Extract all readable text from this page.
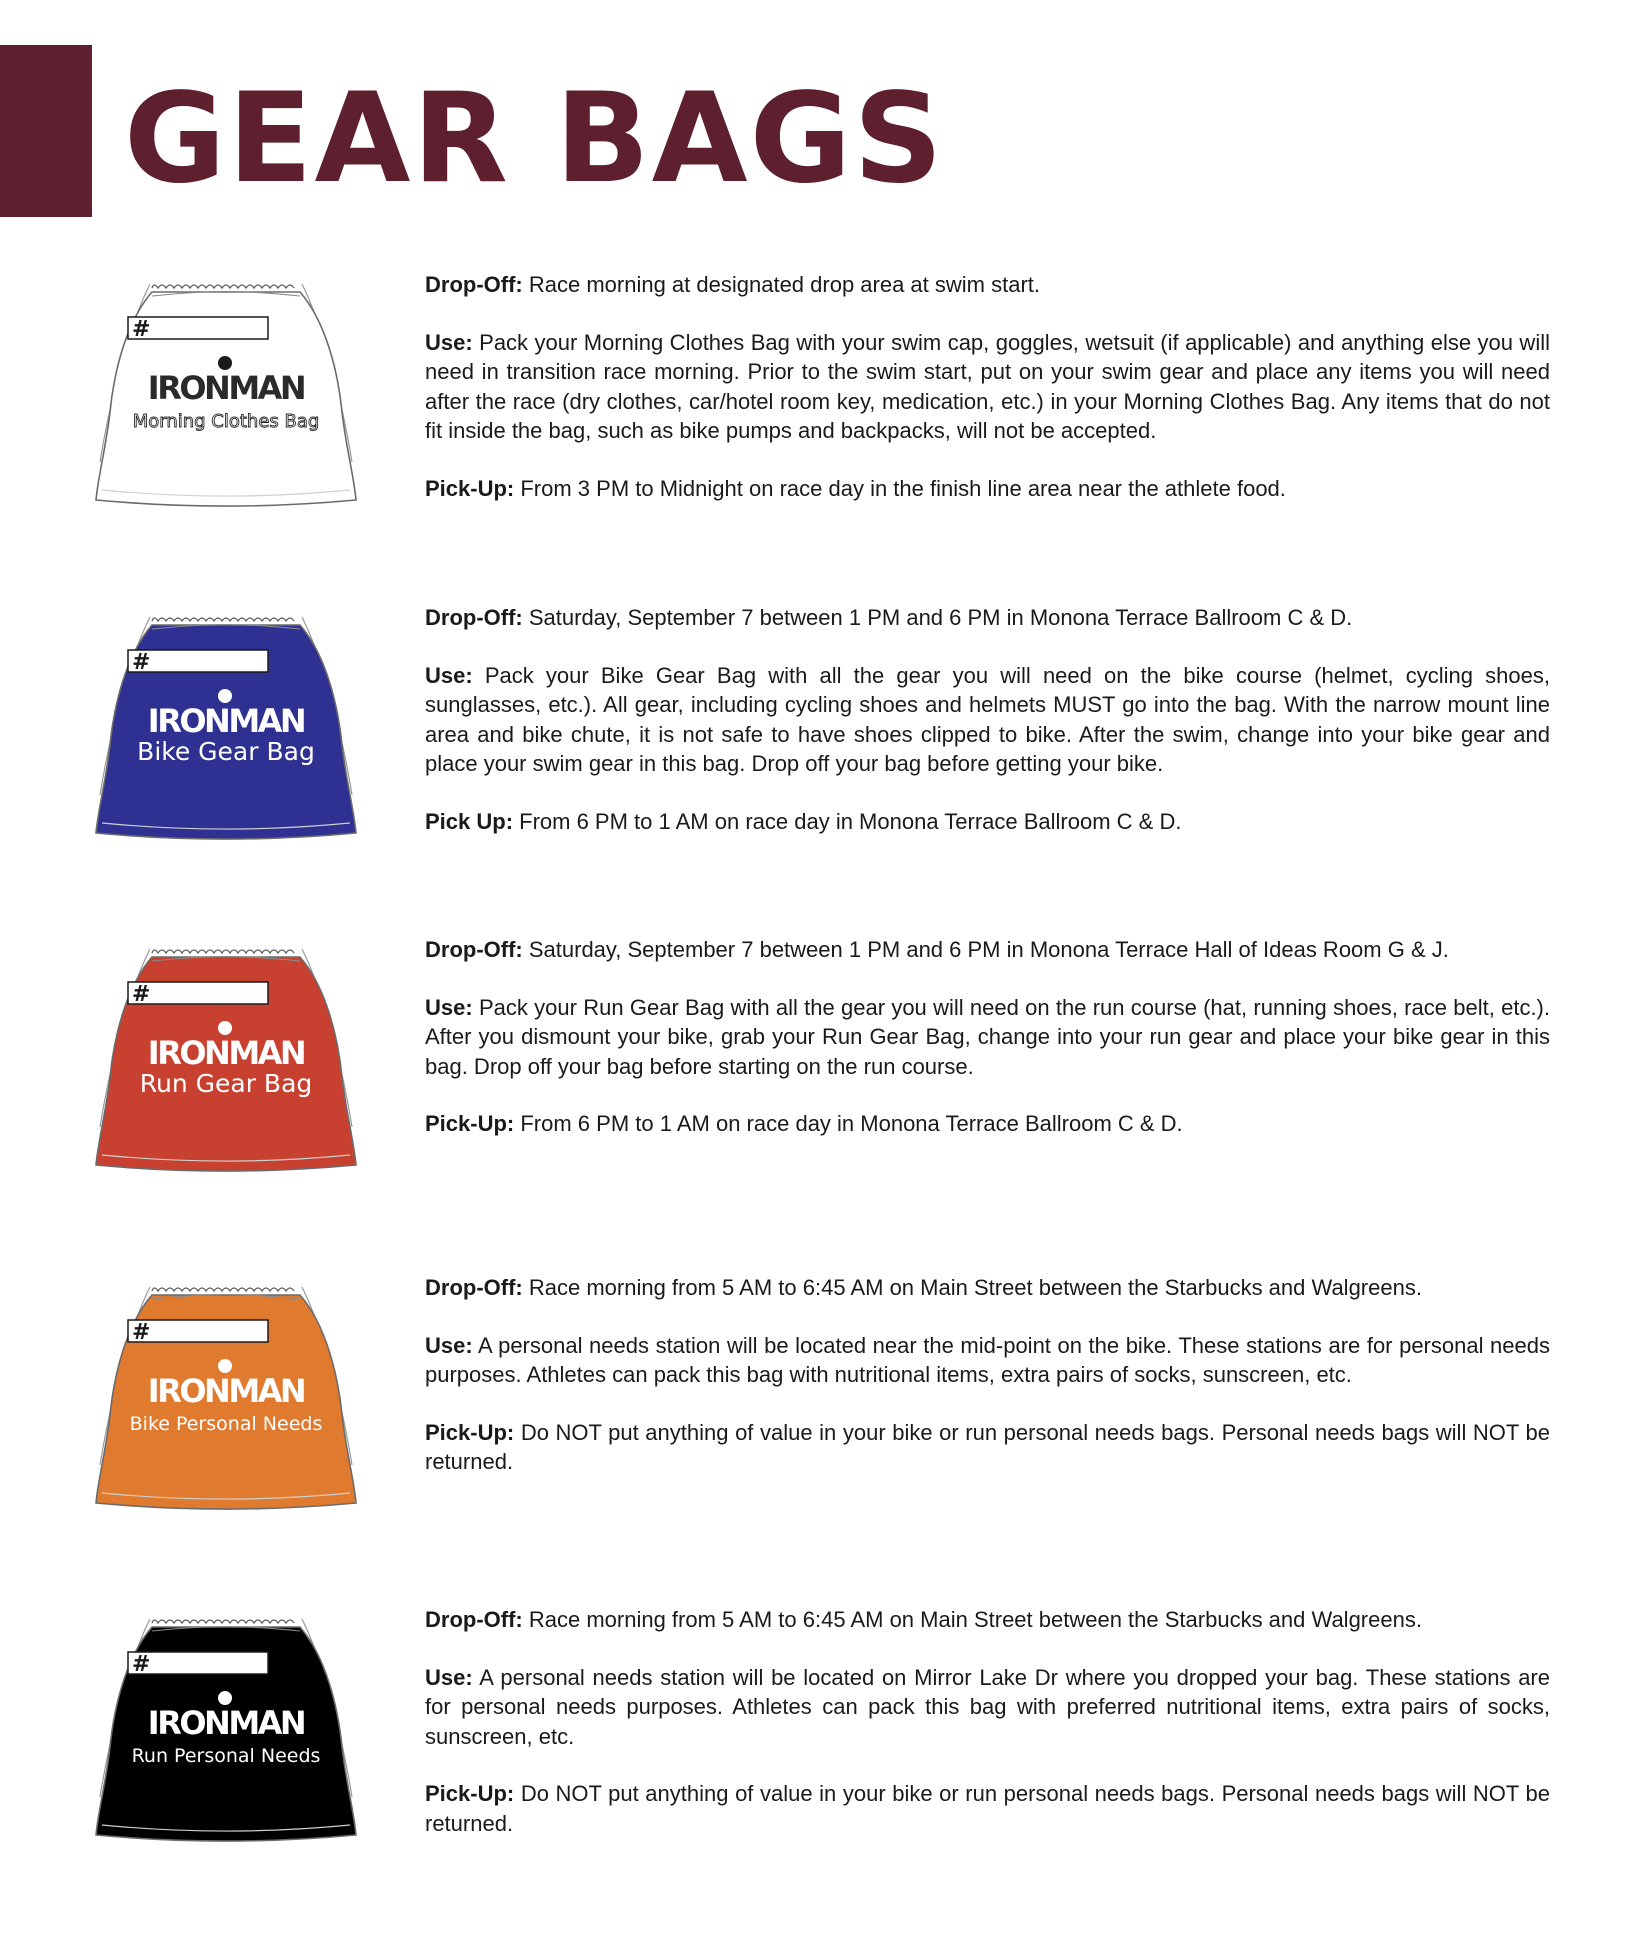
GEAR BAGS
#
IRONMAN
Morning Clothes Bag

Drop-Off: Race morning at designated drop area at swim start.

Use: Pack your Morning Clothes Bag with your swim cap, goggles, wetsuit (if applicable) and anything else you will need in transition race morning. Prior to the swim start, put on your swim gear and place any items you will need after the race (dry clothes, car/hotel room key, medication, etc.) in your Morning Clothes Bag. Any items that do not fit inside the bag, such as bike pumps and backpacks, will not be accepted.

Pick-Up: From 3 PM to Midnight on race day in the finish line area near the athlete food.

#
IRONMAN
Bike Gear Bag

Drop-Off: Saturday, September 7 between 1 PM and 6 PM in Monona Terrace Ballroom C & D.

Use: Pack your Bike Gear Bag with all the gear you will need on the bike course (helmet, cycling shoes, sunglasses, etc.). All gear, including cycling shoes and helmets MUST go into the bag. With the narrow mount line area and bike chute, it is not safe to have shoes clipped to bike. After the swim, change into your bike gear and place your swim gear in this bag. Drop off your bag before getting your bike.

Pick Up: From 6 PM to 1 AM on race day in Monona Terrace Ballroom C & D.

#
IRONMAN
Run Gear Bag

Drop-Off: Saturday, September 7 between 1 PM and 6 PM in Monona Terrace Hall of Ideas Room G & J.

Use: Pack your Run Gear Bag with all the gear you will need on the run course (hat, running shoes, race belt, etc.). After you dismount your bike, grab your Run Gear Bag, change into your run gear and place your bike gear in this bag. Drop off your bag before starting on the run course.

Pick-Up: From 6 PM to 1 AM on race day in Monona Terrace Ballroom C & D.

#
IRONMAN
Bike Personal Needs

Drop-Off: Race morning from 5 AM to 6:45 AM on Main Street between the Starbucks and Walgreens.

Use: A personal needs station will be located near the mid-point on the bike. These stations are for personal needs purposes. Athletes can pack this bag with nutritional items, extra pairs of socks, sunscreen, etc.

Pick-Up: Do NOT put anything of value in your bike or run personal needs bags. Personal needs bags will NOT be returned.

#
IRONMAN
Run Personal Needs

Drop-Off: Race morning from 5 AM to 6:45 AM on Main Street between the Starbucks and Walgreens.

Use: A personal needs station will be located on Mirror Lake Dr where you dropped your bag. These stations are for personal needs purposes. Athletes can pack this bag with preferred nutritional items, extra pairs of socks, sunscreen, etc.

Pick-Up: Do NOT put anything of value in your bike or run personal needs bags. Personal needs bags will NOT be returned.
